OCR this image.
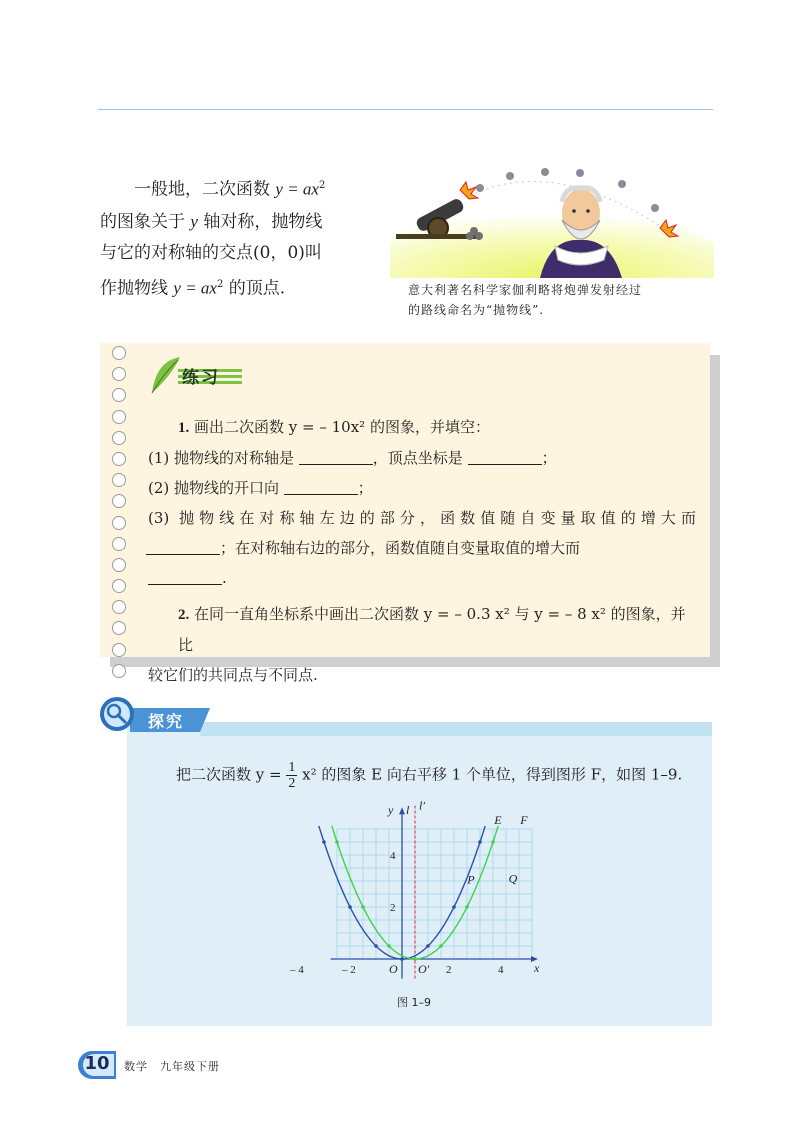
一般地，二次函数 $y = ax^2$

的图象关于 y 轴对称，抛物线

与它的对称轴的交点(0，0)叫

作抛物线 $y = ax^2$ 的顶点.	意大利著名科学家伽利略将炮弹发射经过
的路线命名为“抛物线”.
练习

1. 画出二次函数 y = – 10x² 的图象，并填空：

(1) 抛物线的对称轴是	，顶点坐标是	；

(2) 抛物线的开口向	；

(3) 抛物线在对称轴左边的部分，函数值随自变量取值的增大而

；在对称轴右边的部分，函数值随自变量取值的增大而

.

2. 在同一直角坐标系中画出二次函数 y = – 0.3 x² 与 y = – 8 x² 的图象，并比

较它们的共同点与不同点.

探究
把二次函数 $y = \frac{1}{2} x^2$ 的图象 E 向右平移 1 个单位，得到图形 F，如图 1–9.
– 4	– 2	2	4
2
4
x
y l l′
O O′
E F
P	Q
图 1–9
10	数学　九年级下册
